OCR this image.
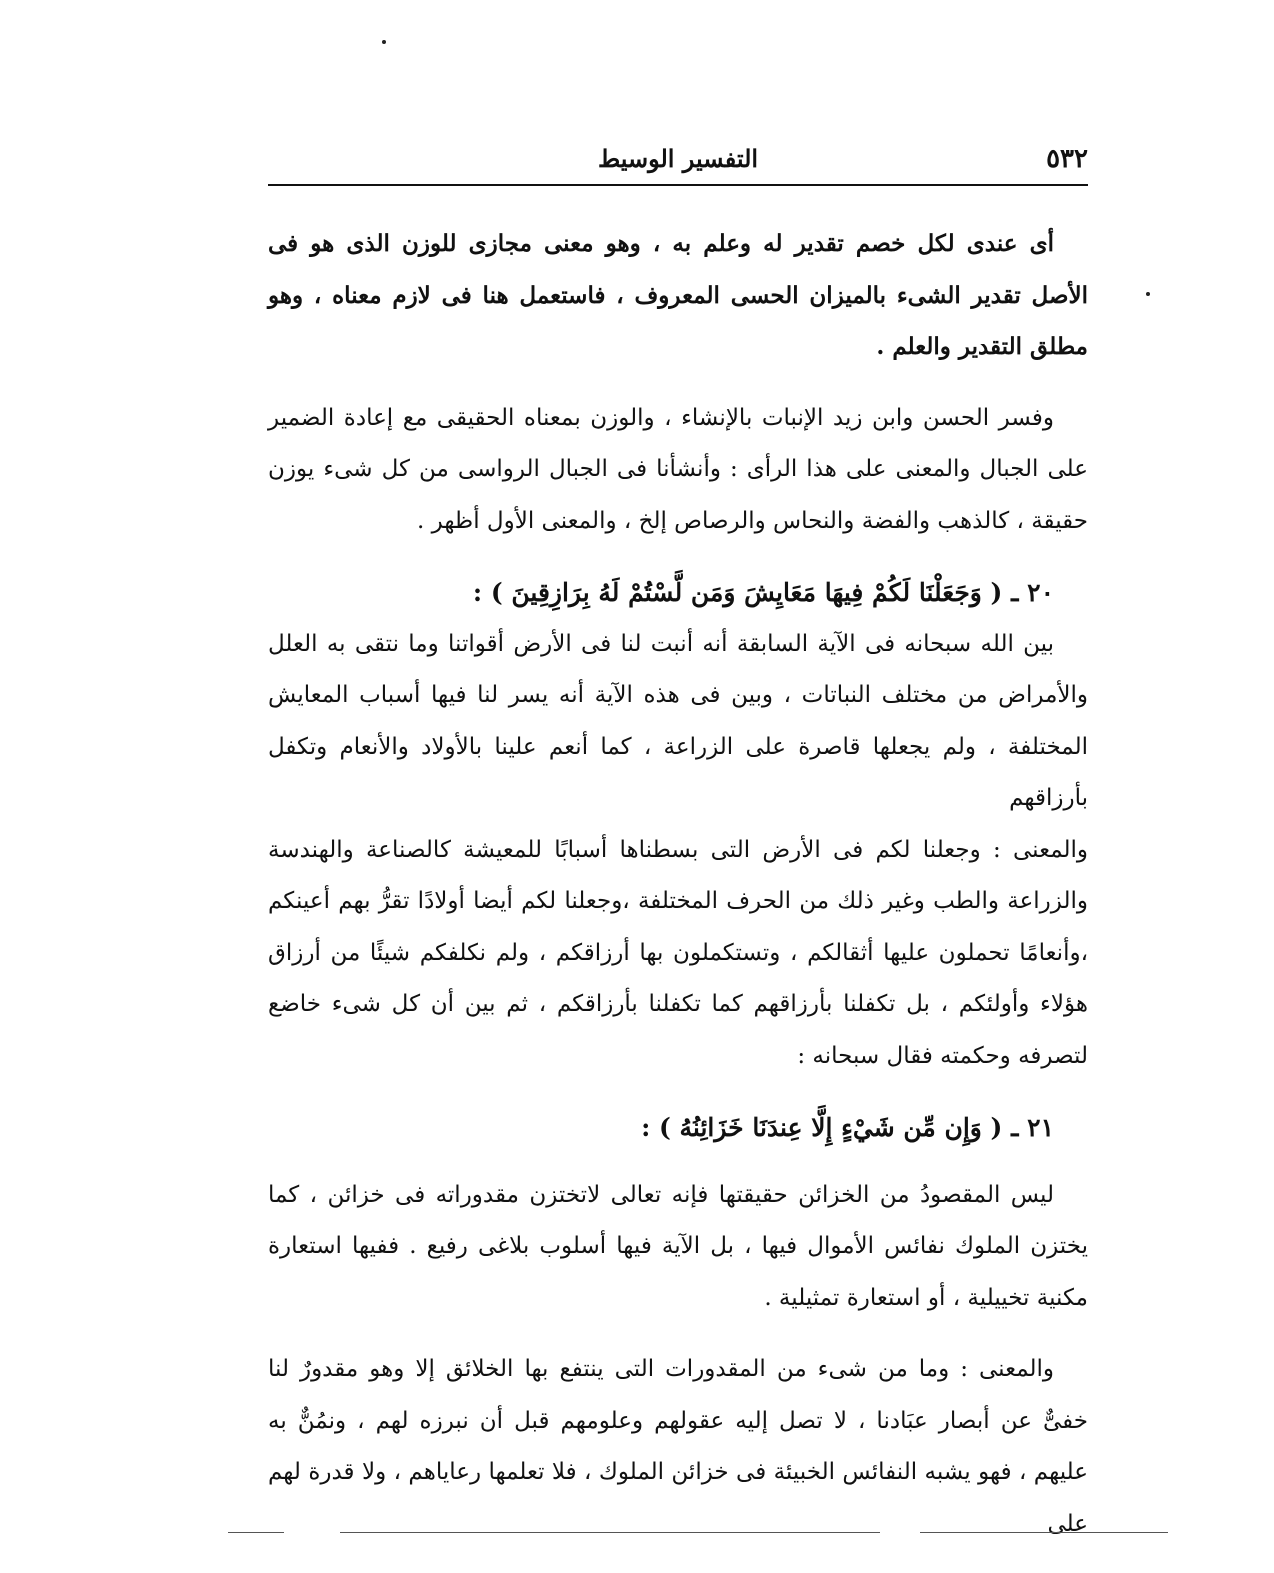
٥٣٢
التفسير الوسيط

أى عندى لكل خصم تقدير له وعلم به ، وهو معنى مجازى للوزن الذى هو فى الأصل تقدير الشىء بالميزان الحسى المعروف ، فاستعمل هنا فى لازم معناه ، وهو مطلق التقدير والعلم .

وفسر الحسن وابن زيد الإنبات بالإنشاء ، والوزن بمعناه الحقيقى مع إعادة الضمير على الجبال والمعنى على هذا الرأى : وأنشأنا فى الجبال الرواسى من كل شىء يوزن حقيقة ، كالذهب والفضة والنحاس والرصاص إلخ ، والمعنى الأول أظهر .

٢٠ ـ ( وَجَعَلْنَا لَكُمْ فِيهَا مَعَايِشَ وَمَن لَّسْتُمْ لَهُ بِرَازِقِينَ ) :

بين الله سبحانه فى الآية السابقة أنه أنبت لنا فى الأرض أقواتنا وما نتقى به العلل والأمراض من مختلف النباتات ، وبين فى هذه الآية أنه يسر لنا فيها أسباب المعايش المختلفة ، ولم يجعلها قاصرة على الزراعة ، كما أنعم علينا بالأولاد والأنعام وتكفل بأرزاقهم

والمعنى : وجعلنا لكم فى الأرض التى بسطناها أسبابًا للمعيشة كالصناعة والهندسة والزراعة والطب وغير ذلك من الحرف المختلفة ،وجعلنا لكم أيضا أولادًا تقرُّ بهم أعينكم ،وأنعامًا تحملون عليها أثقالكم ، وتستكملون بها أرزاقكم ، ولم نكلفكم شيئًا من أرزاق هؤلاء وأولئكم ، بل تكفلنا بأرزاقهم كما تكفلنا بأرزاقكم ، ثم بين أن كل شىء خاضع لتصرفه وحكمته فقال سبحانه :

٢١ ـ ( وَإِن مِّن شَيْءٍ إِلَّا عِندَنَا خَزَائِنُهُ ) :

ليس المقصودُ من الخزائن حقيقتها فإنه تعالى لاتختزن مقدوراته فى خزائن ، كما يختزن الملوك نفائس الأموال فيها ، بل الآية فيها أسلوب بلاغى رفيع . ففيها استعارة مكنية تخييلية ، أو استعارة تمثيلية .

والمعنى : وما من شىء من المقدورات التى ينتفع بها الخلائق إلا وهو مقدورٌ لنا خفىٌّ عن أبصار عبَادنا ، لا تصل إليه عقولهم وعلومهم قبل أن نبرزه لهم ، ونمُنٌّ به عليهم ، فهو يشبه النفائس الخبيئة فى خزائن الملوك ، فلا تعلمها رعاياهم ، ولا قدرة لهم على
